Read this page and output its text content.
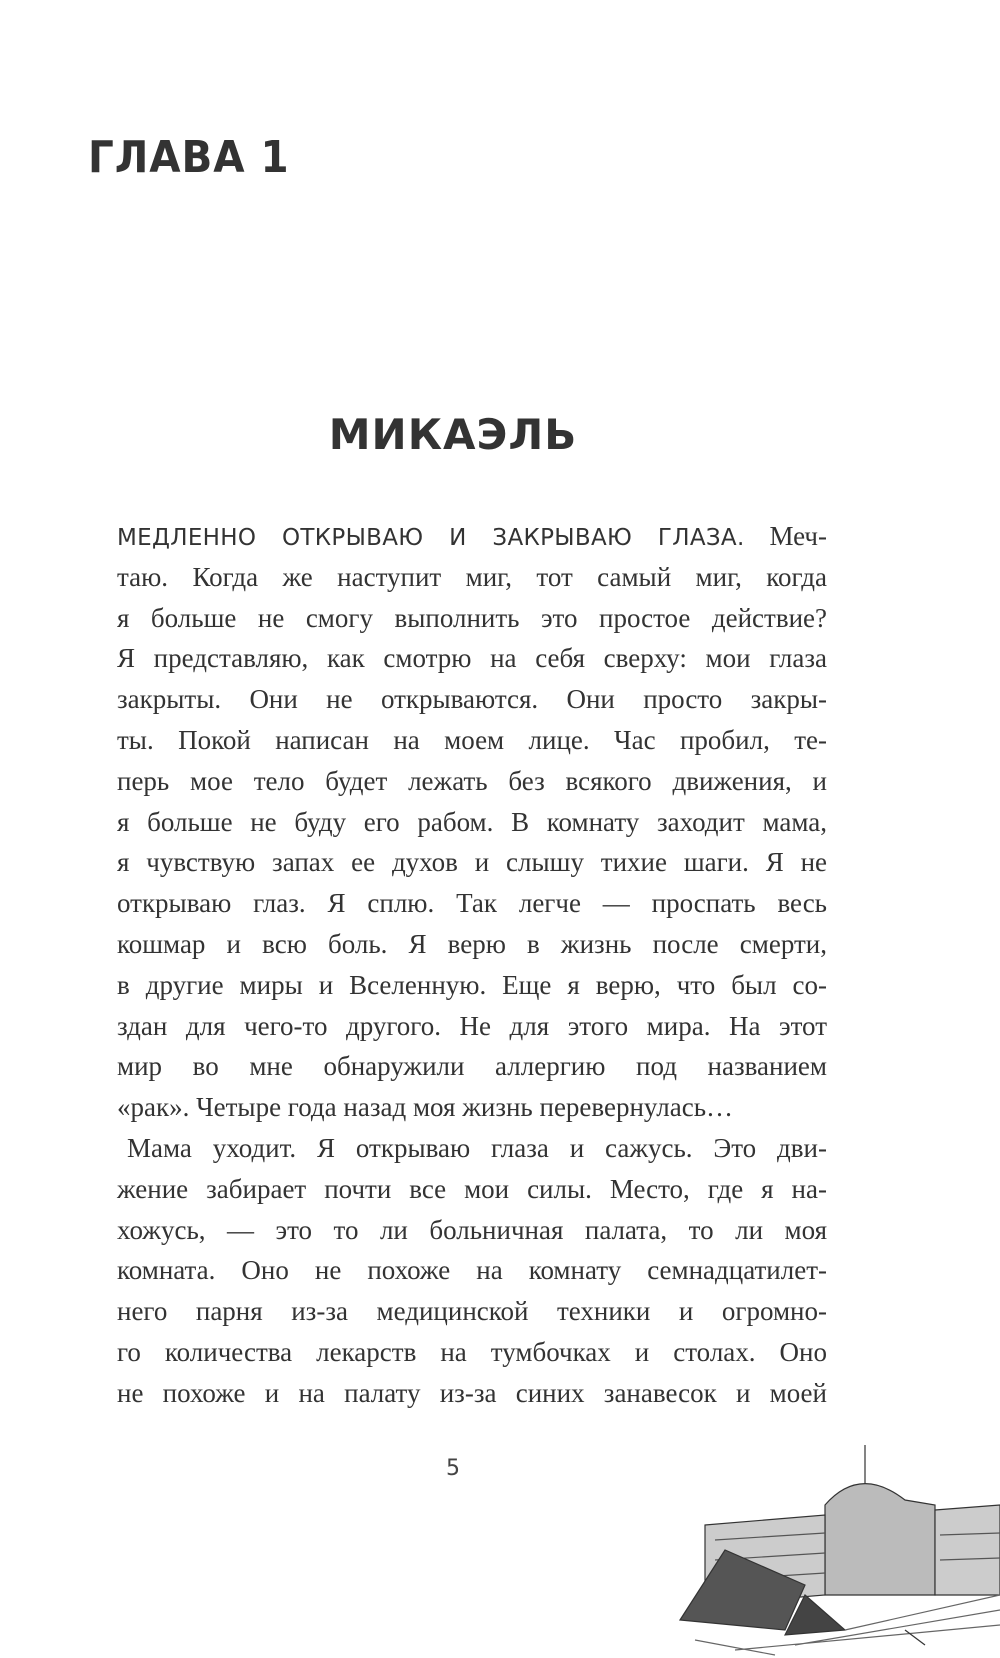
ГЛАВА 1
МИКАЭЛЬ
МЕДЛЕННО ОТКРЫВАЮ И ЗАКРЫВАЮ ГЛАЗА. Меч-
таю. Когда же наступит миг, тот самый миг, когда
я больше не смогу выполнить это простое действие?
Я представляю, как смотрю на себя сверху: мои глаза
закрыты. Они не открываются. Они просто закры-
ты. Покой написан на моем лице. Час пробил, те-
перь мое тело будет лежать без всякого движения, и
я больше не буду его рабом. В комнату заходит мама,
я чувствую запах ее духов и слышу тихие шаги. Я не
открываю глаз. Я сплю. Так легче — проспать весь
кошмар и всю боль. Я верю в жизнь после смерти,
в другие миры и Вселенную. Еще я верю, что был со-
здан для чего-то другого. Не для этого мира. На этот
мир во мне обнаружили аллергию под названием
«рак». Четыре года назад моя жизнь перевернулась…
Мама уходит. Я открываю глаза и сажусь. Это дви-
жение забирает почти все мои силы. Место, где я на-
хожусь, — это то ли больничная палата, то ли моя
комната. Оно не похоже на комнату семнадцатилет-
него парня из-за медицинской техники и огромно-
го количества лекарств на тумбочках и столах. Оно
не похоже и на палату из-за синих занавесок и моей
5
